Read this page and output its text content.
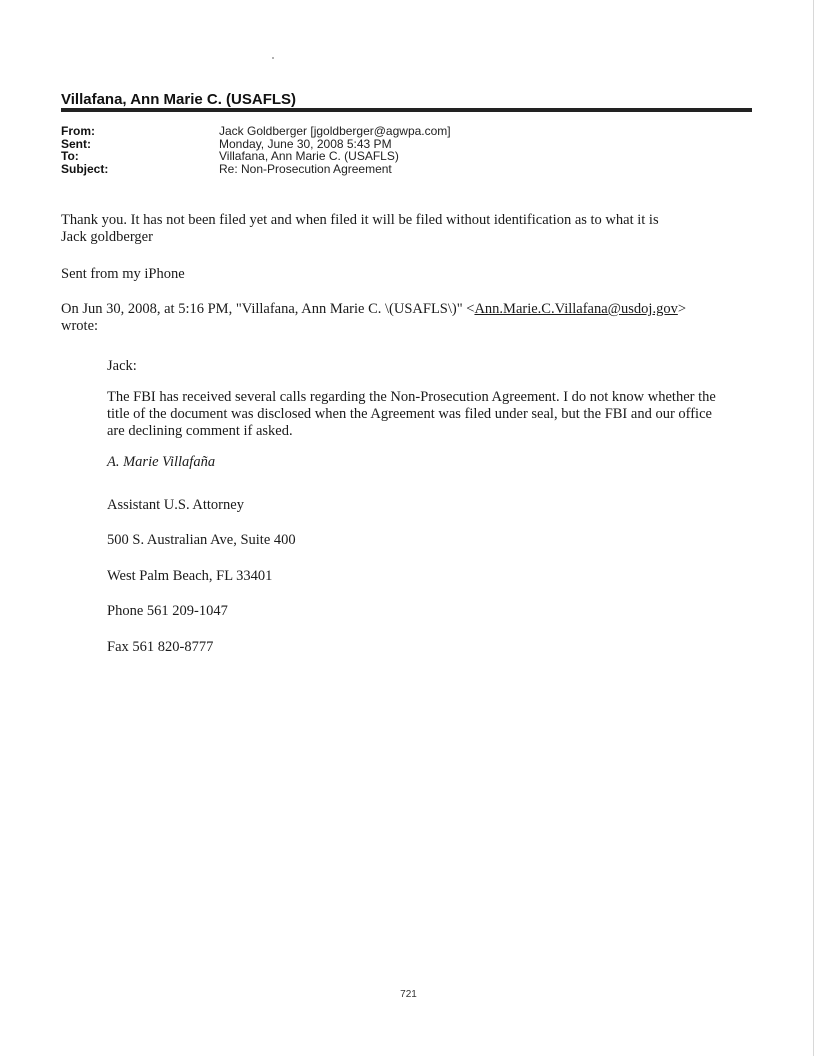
Villafana, Ann Marie C. (USAFLS)
From:	Jack Goldberger [jgoldberger@agwpa.com]
Sent:	Monday, June 30, 2008 5:43 PM
To:	Villafana, Ann Marie C. (USAFLS)
Subject:	Re: Non-Prosecution Agreement

Thank you. It has not been filed yet and when filed it will be filed without identification as to what it is
Jack goldberger

Sent from my iPhone

On Jun 30, 2008, at 5:16 PM, "Villafana, Ann Marie C. \(USAFLS\)" <Ann.Marie.C.Villafana@usdoj.gov>
wrote:

Jack:

The FBI has received several calls regarding the Non-Prosecution Agreement. I do not know whether the title of the document was disclosed when the Agreement was filed under seal, but the FBI and our office are declining comment if asked.

A. Marie Villafaña

Assistant U.S. Attorney

500 S. Australian Ave, Suite 400

West Palm Beach, FL 33401

Phone 561 209-1047

Fax 561 820-8777

721
